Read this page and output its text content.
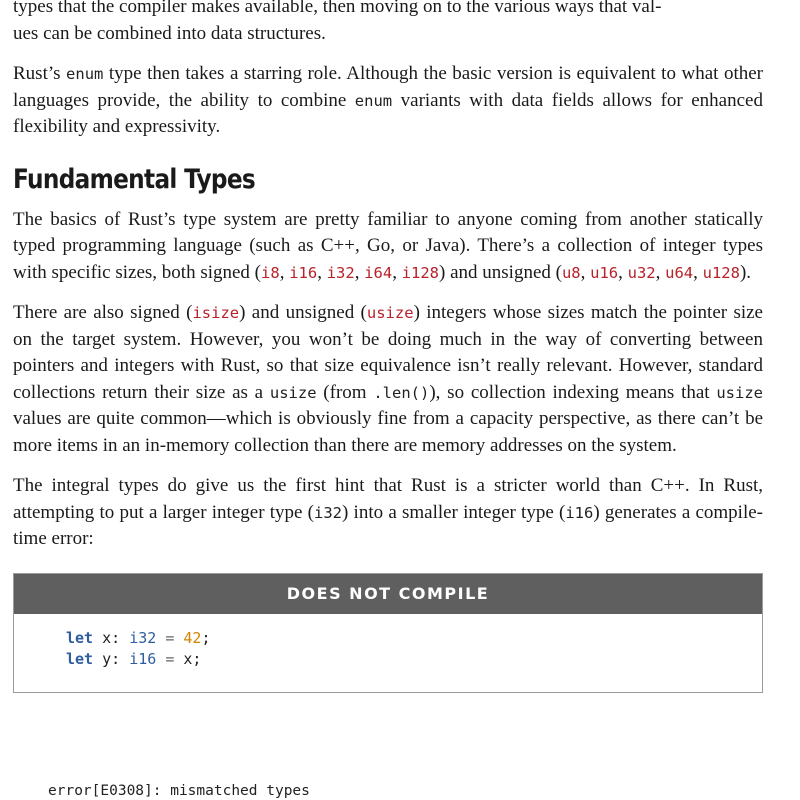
types that the compiler makes available, then moving on to the various ways that val-
ues can be combined into data structures.

Rust’s enum type then takes a starring role. Although the basic version is equivalent to what other languages provide, the ability to combine enum variants with data fields allows for enhanced flexibility and expressivity.

Fundamental Types

The basics of Rust’s type system are pretty familiar to anyone coming from another statically typed programming language (such as C++, Go, or Java). There’s a collection of integer types with specific sizes, both signed (i8, i16, i32, i64, i128) and unsigned (u8, u16, u32, u64, u128).

There are also signed (isize) and unsigned (usize) integers whose sizes match the pointer size on the target system. However, you won’t be doing much in the way of converting between pointers and integers with Rust, so that size equivalence isn’t really relevant. However, standard collections return their size as a usize (from .len()), so collection indexing means that usize values are quite common—which is obviously fine from a capacity perspective, as there can’t be more items in an in-memory collection than there are memory addresses on the system.

The integral types do give us the first hint that Rust is a stricter world than C++. In Rust, attempting to put a larger integer type (i32) into a smaller integer type (i16) generates a compile-time error:

DOES NOT COMPILE
let x: i32 = 42;
let y: i16 = x;
error[E0308]: mismatched types
